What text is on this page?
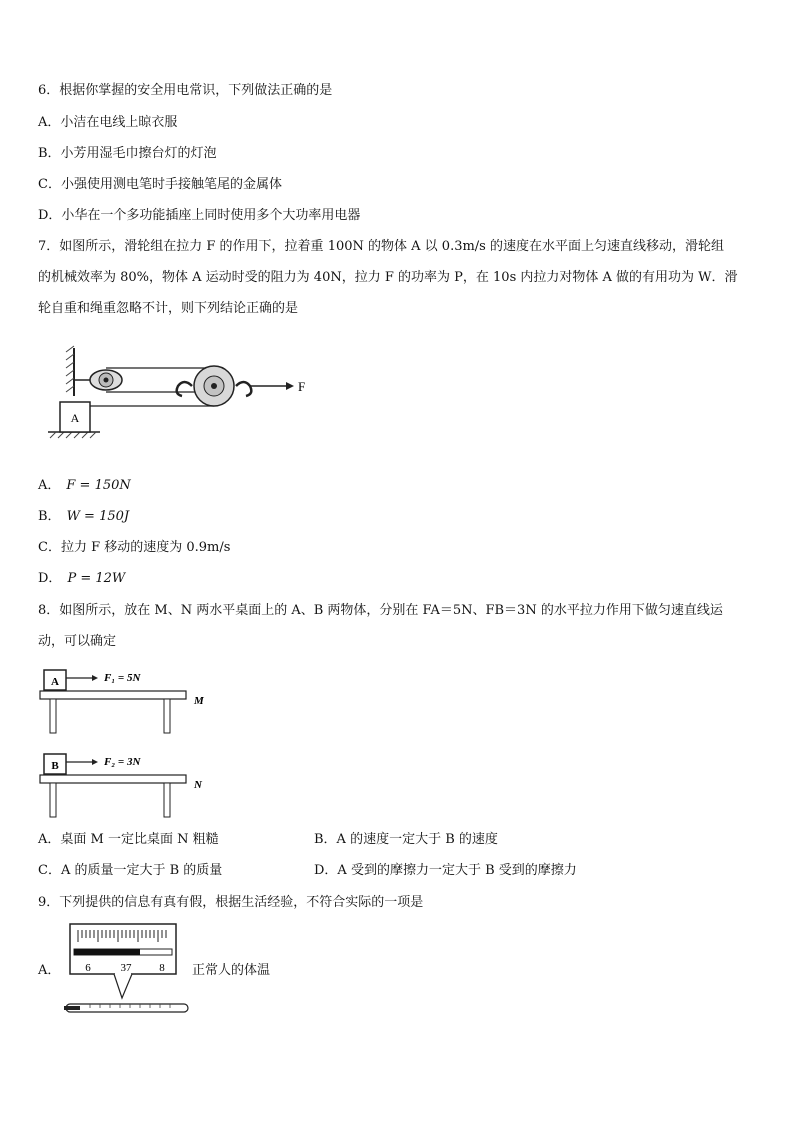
6．根据你掌握的安全用电常识，下列做法正确的是
A．小洁在电线上晾衣服
B．小芳用湿毛巾擦台灯的灯泡
C．小强使用测电笔时手接触笔尾的金属体
D．小华在一个多功能插座上同时使用多个大功率用电器
7．如图所示，滑轮组在拉力 F 的作用下，拉着重 100N 的物体 A 以 0.3m/s 的速度在水平面上匀速直线移动，滑轮组
的机械效率为 80%，物体 A 运动时受的阻力为 40N，拉力 F 的功率为 P，在 10s 内拉力对物体 A 做的有用功为 W．滑
轮自重和绳重忽略不计，则下列结论正确的是
A
F
A． F = 150N
B． W = 150J
C．拉力 F 移动的速度为 0.9m/s
D． P = 12W
8．如图所示，放在 M、N 两水平桌面上的 A、B 两物体，分别在 FA＝5N、FB＝3N 的水平拉力作用下做匀速直线运
动，可以确定
A	F₁ = 5N
M
B	F₂ = 3N
N
A．桌面 M 一定比桌面 N 粗糙	B．A 的速度一定大于 B 的速度
C．A 的质量一定大于 B 的质量	D．A 受到的摩擦力一定大于 B 受到的摩擦力
9．下列提供的信息有真有假，根据生活经验，不符合实际的一项是
A． 6	37	8 正常人的体温
